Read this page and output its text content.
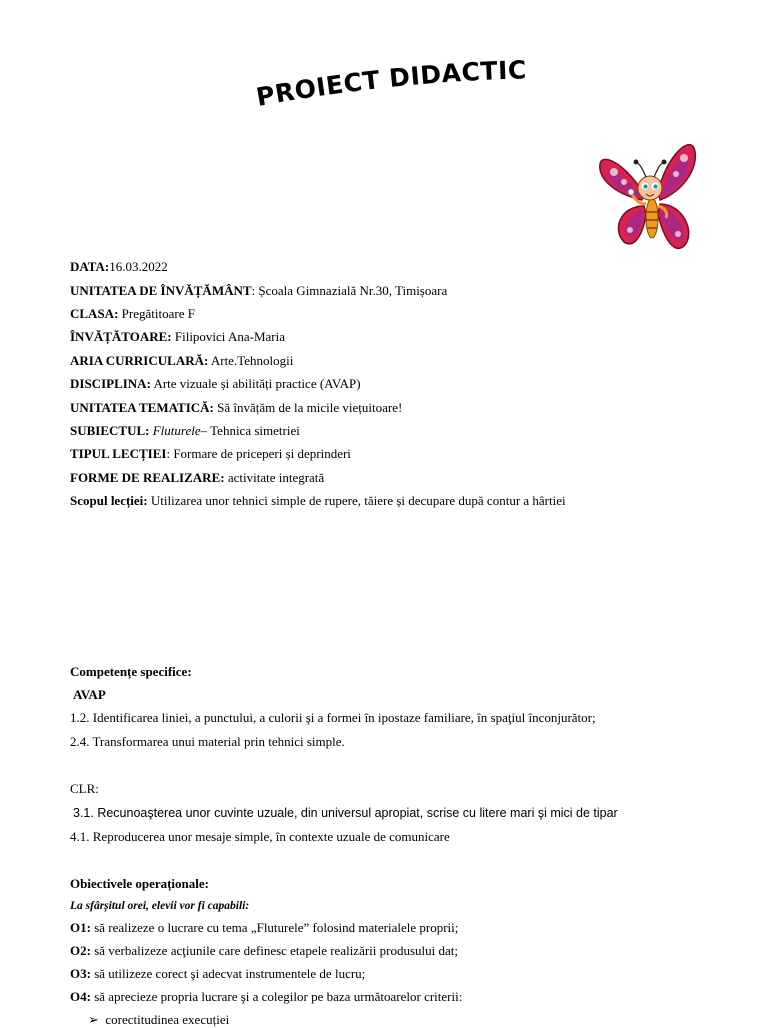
PROIECT DIDACTIC
DATA:16.03.2022
UNITATEA DE ÎNVĂȚĂMÂNT: Școala Gimnazială Nr.30, Timișoara
CLASA: Pregătitoare F
ÎNVĂȚĂTOARE: Filipovici Ana-Maria
ARIA CURRICULARĂ: Arte.Tehnologii
DISCIPLINA: Arte vizuale și abilități practice (AVAP)
UNITATEA TEMATICĂ: Să învățăm de la micile viețuitoare!
SUBIECTUL: Fluturele– Tehnica simetriei
TIPUL LECȚIEI: Formare de priceperi și deprinderi
FORME DE REALIZARE: activitate integrată
Scopul lecției: Utilizarea unor tehnici simple de rupere, tăiere și decupare după contur a hârtiei
Competențe specifice:
AVAP
1.2. Identificarea liniei, a punctului, a culorii şi a formei în ipostaze familiare, în spaţiul înconjurător;
2.4. Transformarea unui material prin tehnici simple.
CLR:
3.1. Recunoaşterea unor cuvinte uzuale, din universul apropiat, scrise cu litere mari şi mici de tipar
4.1. Reproducerea unor mesaje simple, în contexte uzuale de comunicare
Obiectivele operaționale:
La sfârșitul orei, elevii vor fi capabili:
O1: să realizeze o lucrare cu tema „Fluturele” folosind materialele proprii;
O2: să verbalizeze acţiunile care definesc etapele realizării produsului dat;
O3: să utilizeze corect şi adecvat instrumentele de lucru;
O4: să aprecieze propria lucrare şi a colegilor pe baza următoarelor criterii:
➢ corectitudinea execuției
